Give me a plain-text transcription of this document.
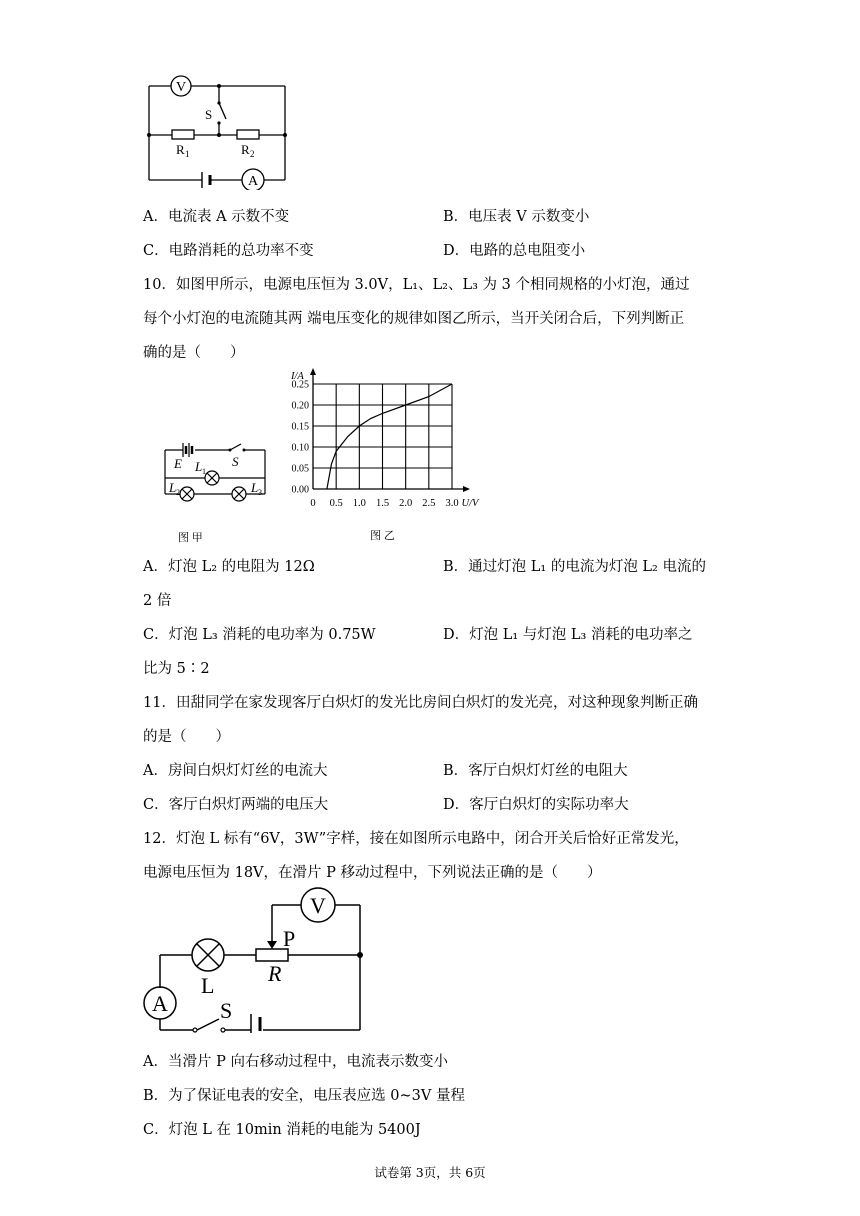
V
S
R 1	R 2
A
A．电流表 A 示数不变	B．电压表 V 示数变小
C．电路消耗的总功率不变	D．电路的总电阻变小
10．如图甲所示，电源电压恒为 3.0V，L₁、L₂、L₃ 为 3 个相同规格的小灯泡，通过
每个小灯泡的电流随其两 端电压变化的规律如图乙所示，当开关闭合后，下列判断正
确的是（　　）
E L S
L	L
1
2	3
图 甲
0 0.5 1.0 1.5 2.0 2.5 3.0
0.00
0.05
0.10
0.15
0.20
0.25
I/A
U/V
图 乙
A．灯泡 L₂ 的电阻为 12Ω	B．通过灯泡 L₁ 的电流为灯泡 L₂ 电流的
2 倍
C．灯泡 L₃ 消耗的电功率为 0.75W	D．灯泡 L₁ 与灯泡 L₃ 消耗的电功率之
比为 5∶2
11．田甜同学在家发现客厅白炽灯的发光比房间白炽灯的发光亮，对这种现象判断正确
的是（　　）
A．房间白炽灯灯丝的电流大	B．客厅白炽灯灯丝的电阻大
C．客厅白炽灯两端的电压大	D．客厅白炽灯的实际功率大
12．灯泡 L 标有“6V，3W”字样，接在如图所示电路中，闭合开关后恰好正常发光，
电源电压恒为 18V，在滑片 P 移动过程中，下列说法正确的是（　　）
V
P
R
L
A S
A．当滑片 P 向右移动过程中，电流表示数变小
B．为了保证电表的安全，电压表应选 0~3V 量程
C．灯泡 L 在 10min 消耗的电能为 5400J
试卷第 3页，共 6页
